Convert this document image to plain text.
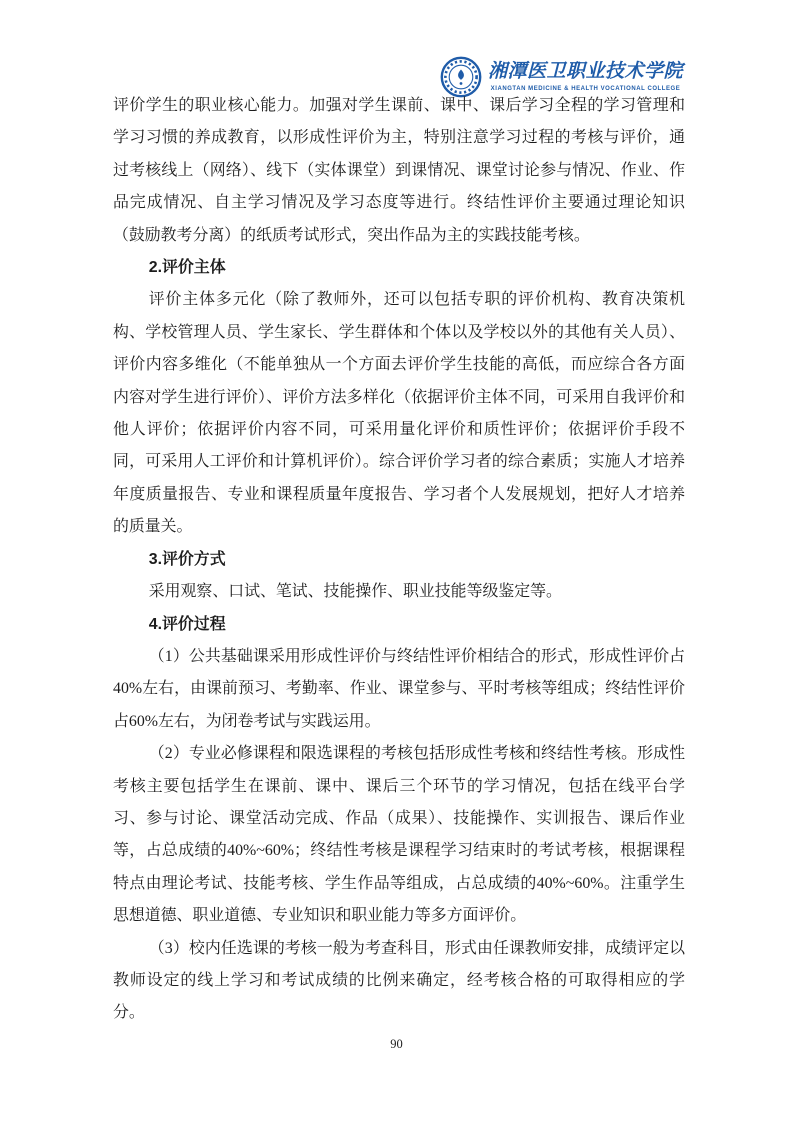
湘潭医卫职业技术学院
XIANGTAN MEDICINE & HEALTH VOCATIONAL COLLEGE

评价学生的职业核心能力。加强对学生课前、课中、课后学习全程的学习管理和学习习惯的养成教育，以形成性评价为主，特别注意学习过程的考核与评价，通过考核线上（网络）、线下（实体课堂）到课情况、课堂讨论参与情况、作业、作品完成情况、自主学习情况及学习态度等进行。终结性评价主要通过理论知识（鼓励教考分离）的纸质考试形式，突出作品为主的实践技能考核。

2.评价主体

评价主体多元化（除了教师外，还可以包括专职的评价机构、教育决策机构、学校管理人员、学生家长、学生群体和个体以及学校以外的其他有关人员）、评价内容多维化（不能单独从一个方面去评价学生技能的高低，而应综合各方面内容对学生进行评价）、评价方法多样化（依据评价主体不同，可采用自我评价和他人评价；依据评价内容不同，可采用量化评价和质性评价；依据评价手段不同，可采用人工评价和计算机评价）。综合评价学习者的综合素质；实施人才培养年度质量报告、专业和课程质量年度报告、学习者个人发展规划，把好人才培养的质量关。

3.评价方式

采用观察、口试、笔试、技能操作、职业技能等级鉴定等。

4.评价过程

（1）公共基础课采用形成性评价与终结性评价相结合的形式，形成性评价占40%左右，由课前预习、考勤率、作业、课堂参与、平时考核等组成；终结性评价占60%左右，为闭卷考试与实践运用。

（2）专业必修课程和限选课程的考核包括形成性考核和终结性考核。形成性考核主要包括学生在课前、课中、课后三个环节的学习情况，包括在线平台学习、参与讨论、课堂活动完成、作品（成果）、技能操作、实训报告、课后作业等，占总成绩的40%~60%；终结性考核是课程学习结束时的考试考核，根据课程特点由理论考试、技能考核、学生作品等组成，占总成绩的40%~60%。注重学生思想道德、职业道德、专业知识和职业能力等多方面评价。

（3）校内任选课的考核一般为考查科目，形式由任课教师安排，成绩评定以教师设定的线上学习和考试成绩的比例来确定，经考核合格的可取得相应的学分。

90
